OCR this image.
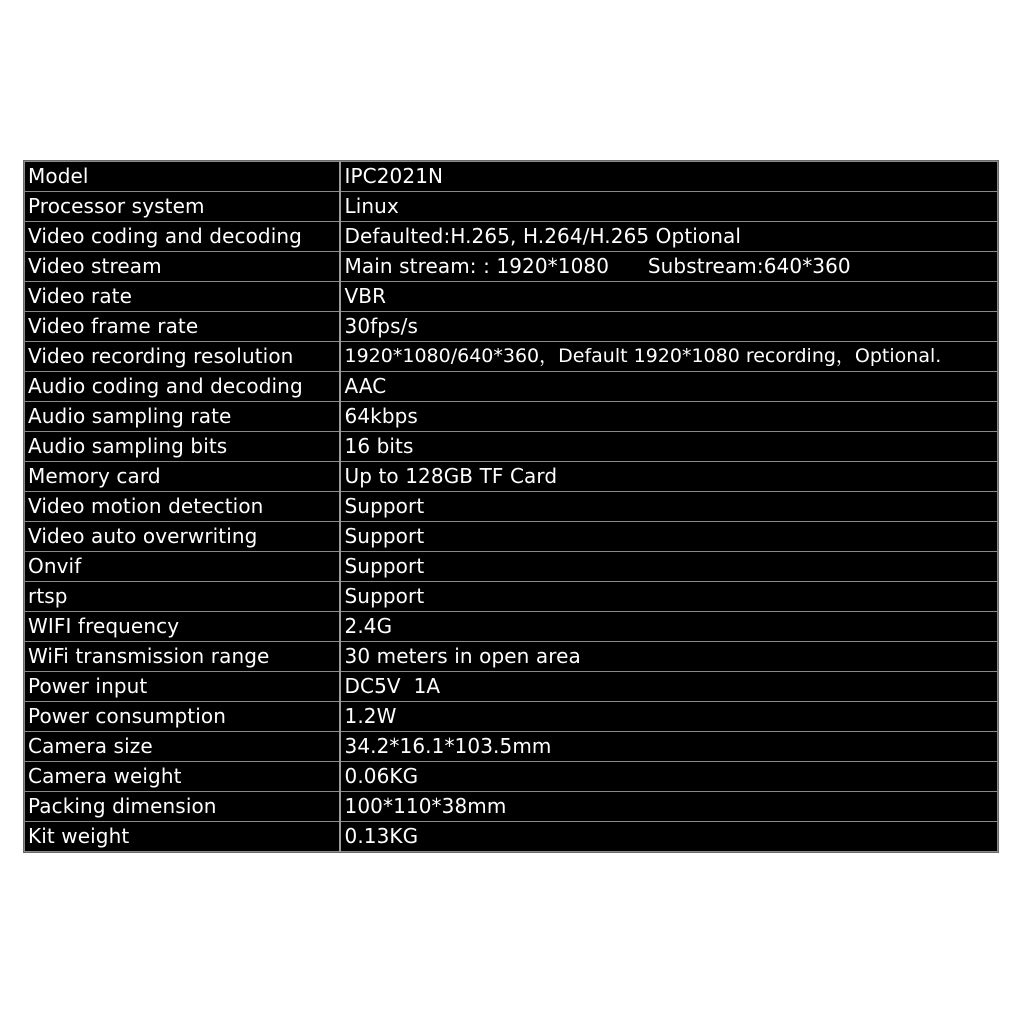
Model	IPC2021N
Processor system	Linux
Video coding and decoding	Defaulted:H.265, H.264/H.265 Optional
Video stream	Main stream: : 1920*1080      Substream:640*360
Video rate	VBR
Video frame rate	30fps/s
Video recording resolution	1920*1080/640*360，Default 1920*1080 recording，Optional.
Audio coding and decoding	AAC
Audio sampling rate	64kbps
Audio sampling bits	16 bits
Memory card	Up to 128GB TF Card
Video motion detection	Support
Video auto overwriting	Support
Onvif	Support
rtsp	Support
WIFI frequency	2.4G
WiFi transmission range	30 meters in open area
Power input	DC5V  1A
Power consumption	1.2W
Camera size	34.2*16.1*103.5mm
Camera weight	0.06KG
Packing dimension	100*110*38mm
Kit weight	0.13KG
